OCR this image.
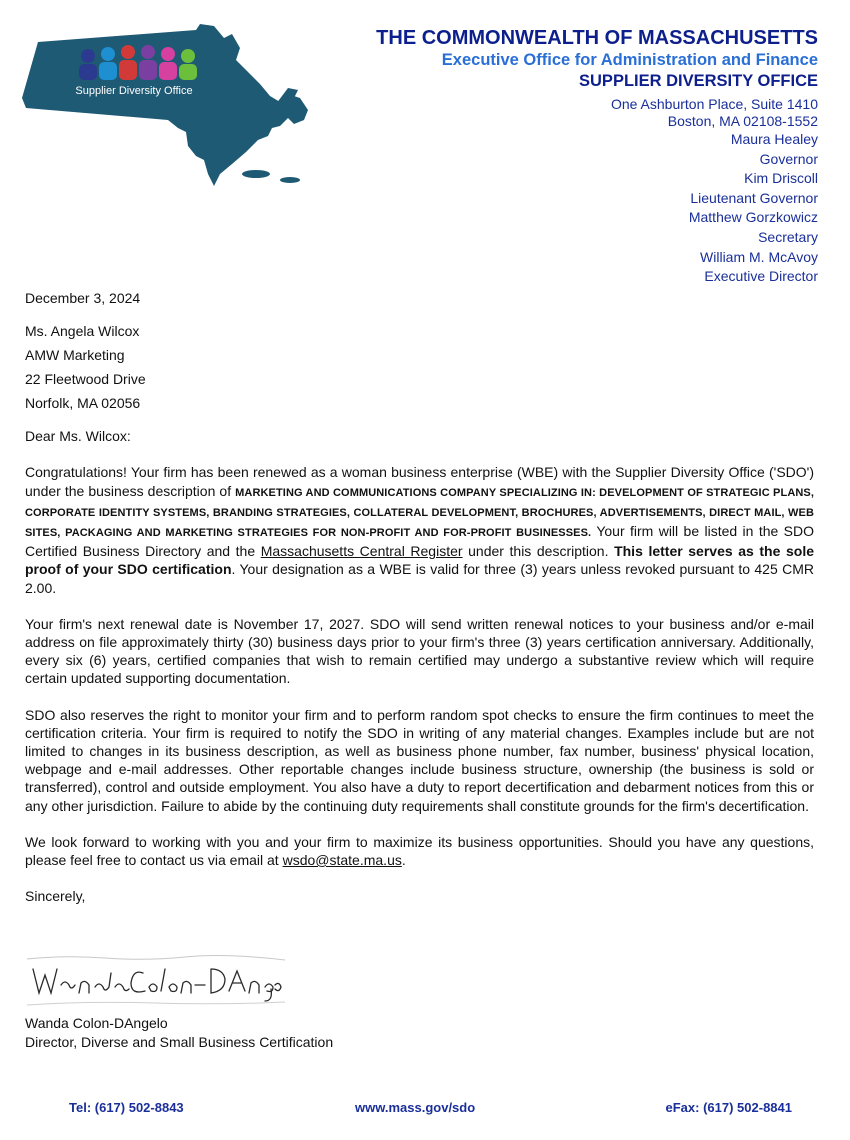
Supplier Diversity Office
THE COMMONWEALTH OF MASSACHUSETTS
Executive Office for Administration and Finance
SUPPLIER DIVERSITY OFFICE
One Ashburton Place, Suite 1410
Boston, MA 02108-1552
Maura Healey
Governor
Kim Driscoll
Lieutenant Governor
Matthew Gorzkowicz
Secretary
William M. McAvoy
Executive Director

December 3, 2024

Ms. Angela Wilcox
AMW Marketing
22 Fleetwood Drive
Norfolk, MA 02056

Dear Ms. Wilcox:

Congratulations! Your firm has been renewed as a woman business enterprise (WBE) with the Supplier Diversity Office ('SDO') under the business description of MARKETING AND COMMUNICATIONS COMPANY SPECIALIZING IN: DEVELOPMENT OF STRATEGIC PLANS, CORPORATE IDENTITY SYSTEMS, BRANDING STRATEGIES, COLLATERAL DEVELOPMENT, BROCHURES, ADVERTISEMENTS, DIRECT MAIL, WEB SITES, PACKAGING AND MARKETING STRATEGIES FOR NON-PROFIT AND FOR-PROFIT BUSINESSES. Your firm will be listed in the SDO Certified Business Directory and the Massachusetts Central Register under this description. This letter serves as the sole proof of your SDO certification. Your designation as a WBE is valid for three (3) years unless revoked pursuant to 425 CMR 2.00.

Your firm's next renewal date is November 17, 2027. SDO will send written renewal notices to your business and/or e-mail address on file approximately thirty (30) business days prior to your firm's three (3) years certification anniversary. Additionally, every six (6) years, certified companies that wish to remain certified may undergo a substantive review which will require certain updated supporting documentation.

SDO also reserves the right to monitor your firm and to perform random spot checks to ensure the firm continues to meet the certification criteria. Your firm is required to notify the SDO in writing of any material changes. Examples include but are not limited to changes in its business description, as well as business phone number, fax number, business' physical location, webpage and e-mail addresses. Other reportable changes include business structure, ownership (the business is sold or transferred), control and outside employment. You also have a duty to report decertification and debarment notices from this or any other jurisdiction. Failure to abide by the continuing duty requirements shall constitute grounds for the firm's decertification.

We look forward to working with you and your firm to maximize its business opportunities. Should you have any questions, please feel free to contact us via email at wsdo@state.ma.us.

Sincerely,

Wanda Colon-DAngelo
Director, Diverse and Small Business Certification
Tel: (617) 502-8843	www.mass.gov/sdo	eFax: (617) 502-8841
